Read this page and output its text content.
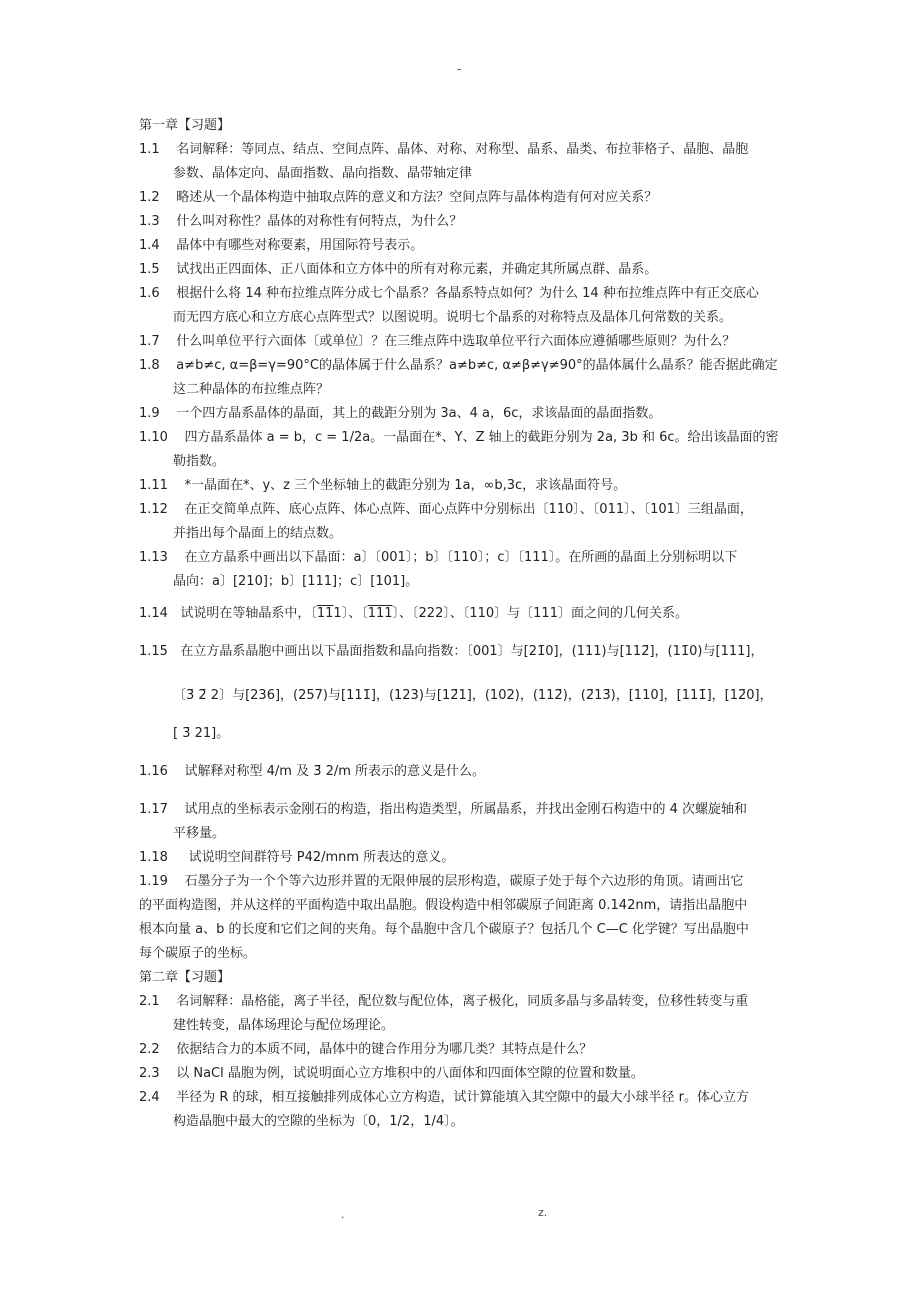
-
第一章【习题】
1.1 名词解释：等同点、结点、空间点阵、晶体、对称、对称型、晶系、晶类、布拉菲格子、晶胞、晶胞
参数、晶体定向、晶面指数、晶向指数、晶带轴定律
1.2 略述从一个晶体构造中抽取点阵的意义和方法？空间点阵与晶体构造有何对应关系？
1.3 什么叫对称性？晶体的对称性有何特点，为什么？
1.4 晶体中有哪些对称要素，用国际符号表示。
1.5 试找出正四面体、正八面体和立方体中的所有对称元素，并确定其所属点群、晶系。
1.6 根据什么将 14 种布拉维点阵分成七个晶系？各晶系特点如何？为什么 14 种布拉维点阵中有正交底心
而无四方底心和立方底心点阵型式？以图说明。说明七个晶系的对称特点及晶体几何常数的关系。
1.7 什么叫单位平行六面体〔或单位〕？在三维点阵中选取单位平行六面体应遵循哪些原则？为什么？
1.8 a≠b≠c, α=β=γ=90°C的晶体属于什么晶系？a≠b≠c, α≠β≠γ≠90°的晶体属什么晶系？能否据此确定
这二种晶体的布拉维点阵？
1.9 一个四方晶系晶体的晶面，其上的截距分别为 3a、4 a，6c，求该晶面的晶面指数。
1.10 四方晶系晶体 a = b，c = 1/2a。一晶面在*、Y、Z 轴上的截距分别为 2a, 3b 和 6c。给出该晶面的密
勒指数。
1.11 *一晶面在*、y、z 三个坐标轴上的截距分别为 1a，∞b,3c，求该晶面符号。
1.12 在正交简单点阵、底心点阵、体心点阵、面心点阵中分别标出〔110〕、〔011〕、〔101〕三组晶面，
并指出每个晶面上的结点数。
1.13 在立方晶系中画出以下晶面：a〕〔001〕；b〕〔110〕；c〕〔111〕。在所画的晶面上分别标明以下
晶向：a〕[210]；b〕[111]；c〕[101]。
1.14 试说明在等轴晶系中，〔111〕、〔111〕、〔222〕、〔110〕与〔111〕面之间的几何关系。
1.15 在立方晶系晶胞中画出以下晶面指数和晶向指数：〔001〕与[21̄0]，(111)与[112̄]，(11̄0)与[111]，
〔3̄ 2̄ 2〕与[236]，(257)与[111̄]，(123)与[12̄1]，(102)，(112̄)，(2̄13̄)，[110]，[111̄]，[12̄0]，
[ 3̄ 21]。
1.16 试解释对称型 4/m 及 3̄ 2/m 所表示的意义是什么。
1.17 试用点的坐标表示金刚石的构造，指出构造类型，所属晶系，并找出金刚石构造中的 4 次螺旋轴和
平移量。
1.18 试说明空间群符号 P42/mnm 所表达的意义。
1.19 石墨分子为一个个等六边形并置的无限伸展的层形构造，碳原子处于每个六边形的角顶。请画出它
的平面构造图，并从这样的平面构造中取出晶胞。假设构造中相邻碳原子间距离 0.142nm，请指出晶胞中
根本向量 a、b 的长度和它们之间的夹角。每个晶胞中含几个碳原子？包括几个 C—C 化学键？写出晶胞中
每个碳原子的坐标。
第二章【习题】
2.1 名词解释：晶格能，离子半径，配位数与配位体，离子极化，同质多晶与多晶转变，位移性转变与重
建性转变，晶体场理论与配位场理论。
2.2 依据结合力的本质不同，晶体中的键合作用分为哪几类？其特点是什么？
2.3 以 NaCl 晶胞为例，试说明面心立方堆积中的八面体和四面体空隙的位置和数量。
2.4 半径为 R 的球，相互接触排列成体心立方构造，试计算能填入其空隙中的最大小球半径 r。体心立方
构造晶胞中最大的空隙的坐标为〔0，1/2，1/4〕。
.	z.
